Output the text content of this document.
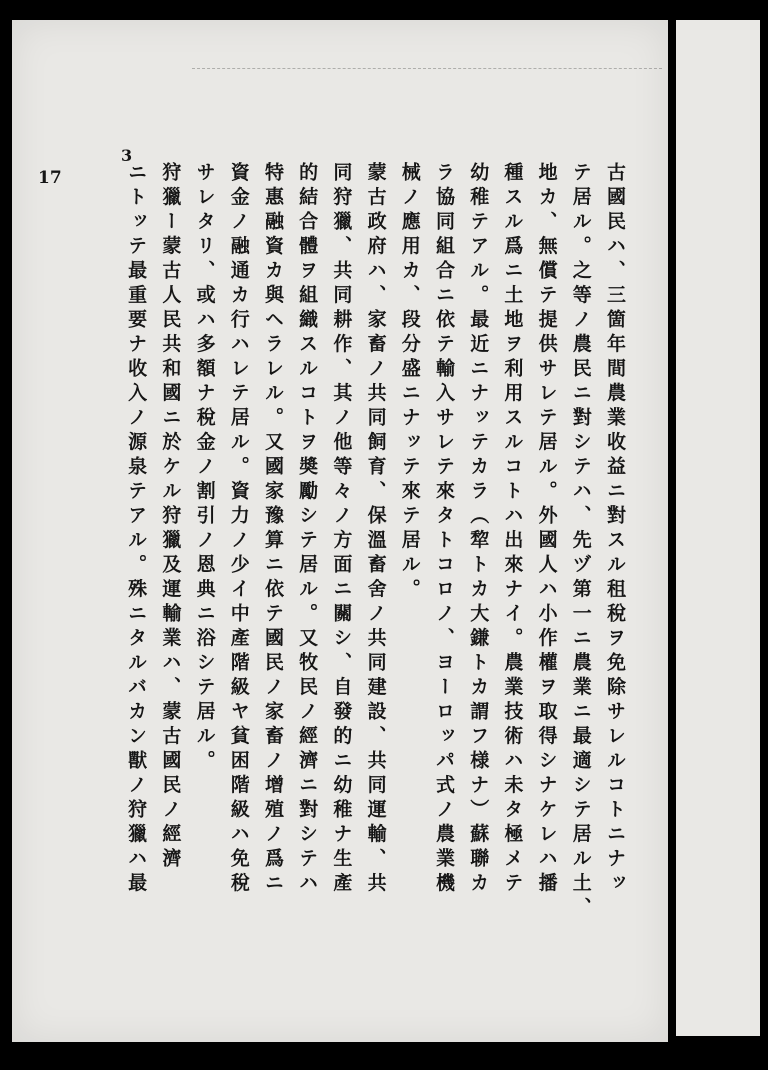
17
3
古國民ハ、三箇年間農業收益ニ對スル租稅ヲ免除サレルコトニナッ
テ居ル。之等ノ農民ニ對シテハ、先ヅ第一ニ農業ニ最適シテ居ル土、
地カ、無償テ提供サレテ居ル。外國人ハ小作權ヲ取得シナケレハ播
種スル爲ニ土地ヲ利用スルコトハ出來ナイ。農業技術ハ未タ極メテ
幼稚テアル。最近ニナッテカラ（犂トカ大鎌トカ謂フ様ナ）蘇聯カ
ラ協同組合ニ依テ輸入サレテ來タトコロノ、ヨーロッパ式ノ農業機
械ノ應用カ、段分盛ニナッテ來テ居ル。
蒙古政府ハ、家畜ノ共同飼育、保溫畜舍ノ共同建設、共同運輸、共
同狩獵、共同耕作、其ノ他等々ノ方面ニ關シ、自發的ニ幼稚ナ生產
的結合體ヲ組織スルコトヲ奬勵シテ居ル。又牧民ノ經濟ニ對シテハ
特惠融資カ與ヘラレル。又國家豫算ニ依テ國民ノ家畜ノ增殖ノ爲ニ
資金ノ融通カ行ハレテ居ル。資力ノ少イ中產階級ヤ貧困階級ハ免稅
サレタリ、或ハ多額ナ稅金ノ割引ノ恩典ニ浴シテ居ル。
狩獵ー蒙古人民共和國ニ於ケル狩獵及運輸業ハ、蒙古國民ノ經濟
ニトッテ最重要ナ收入ノ源泉テアル。殊ニタルバカン獸ノ狩獵ハ最
